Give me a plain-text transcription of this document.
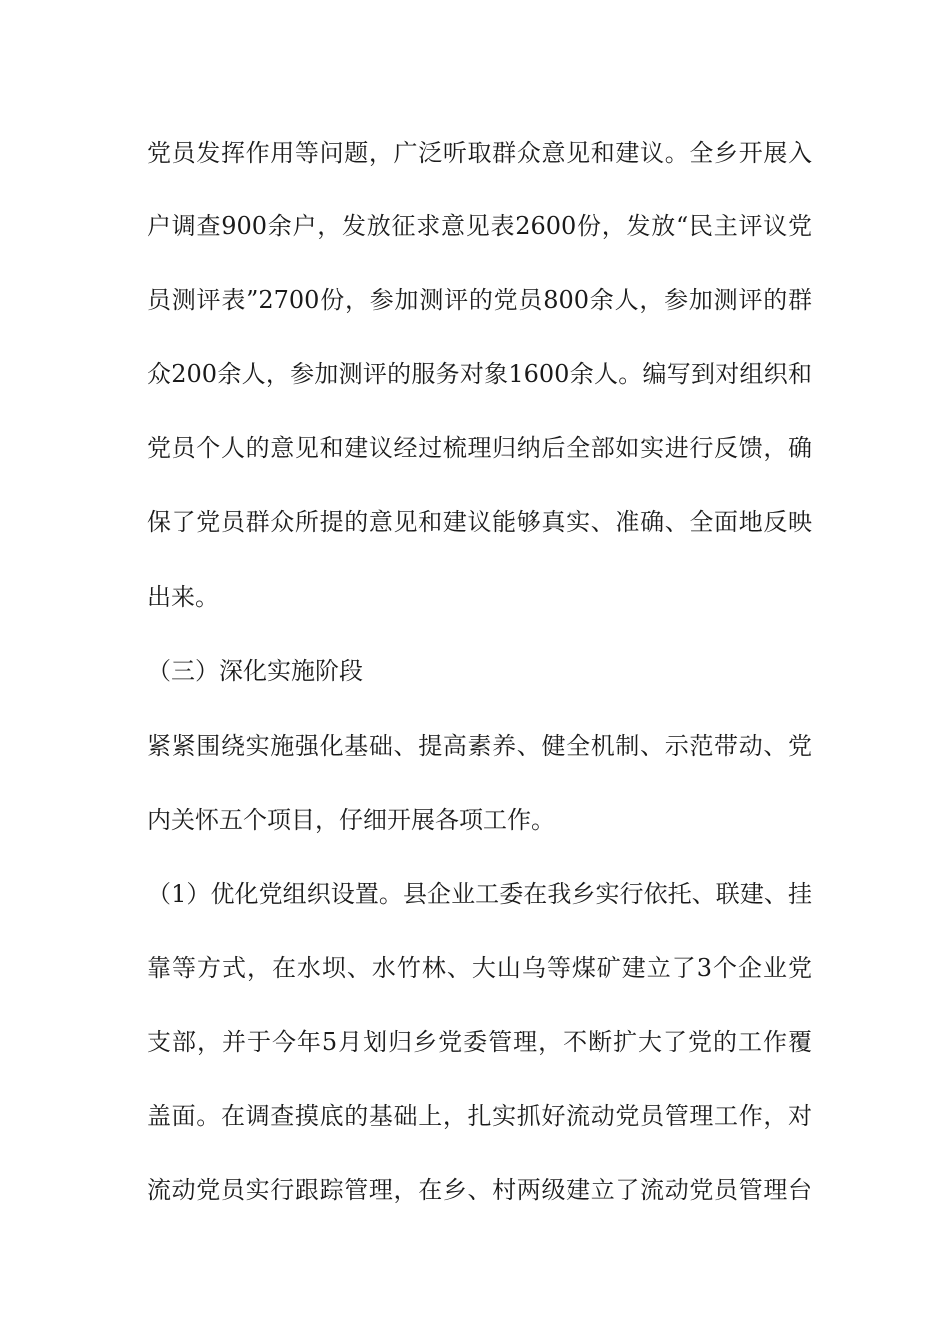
党员发挥作用等问题，广泛听取群众意见和建议。全乡开展入
户调查900余户，发放征求意见表2600份，发放“民主评议党
员测评表”2700份，参加测评的党员800余人，参加测评的群
众200余人，参加测评的服务对象1600余人。编写到对组织和
党员个人的意见和建议经过梳理归纳后全部如实进行反馈，确
保了党员群众所提的意见和建议能够真实、准确、全面地反映
出来。
（三）深化实施阶段
紧紧围绕实施强化基础、提高素养、健全机制、示范带动、党
内关怀五个项目，仔细开展各项工作。
（1）优化党组织设置。县企业工委在我乡实行依托、联建、挂
靠等方式，在水坝、水竹林、大山乌等煤矿建立了3个企业党
支部，并于今年5月划归乡党委管理，不断扩大了党的工作覆
盖面。在调查摸底的基础上，扎实抓好流动党员管理工作，对
流动党员实行跟踪管理，在乡、村两级建立了流动党员管理台
